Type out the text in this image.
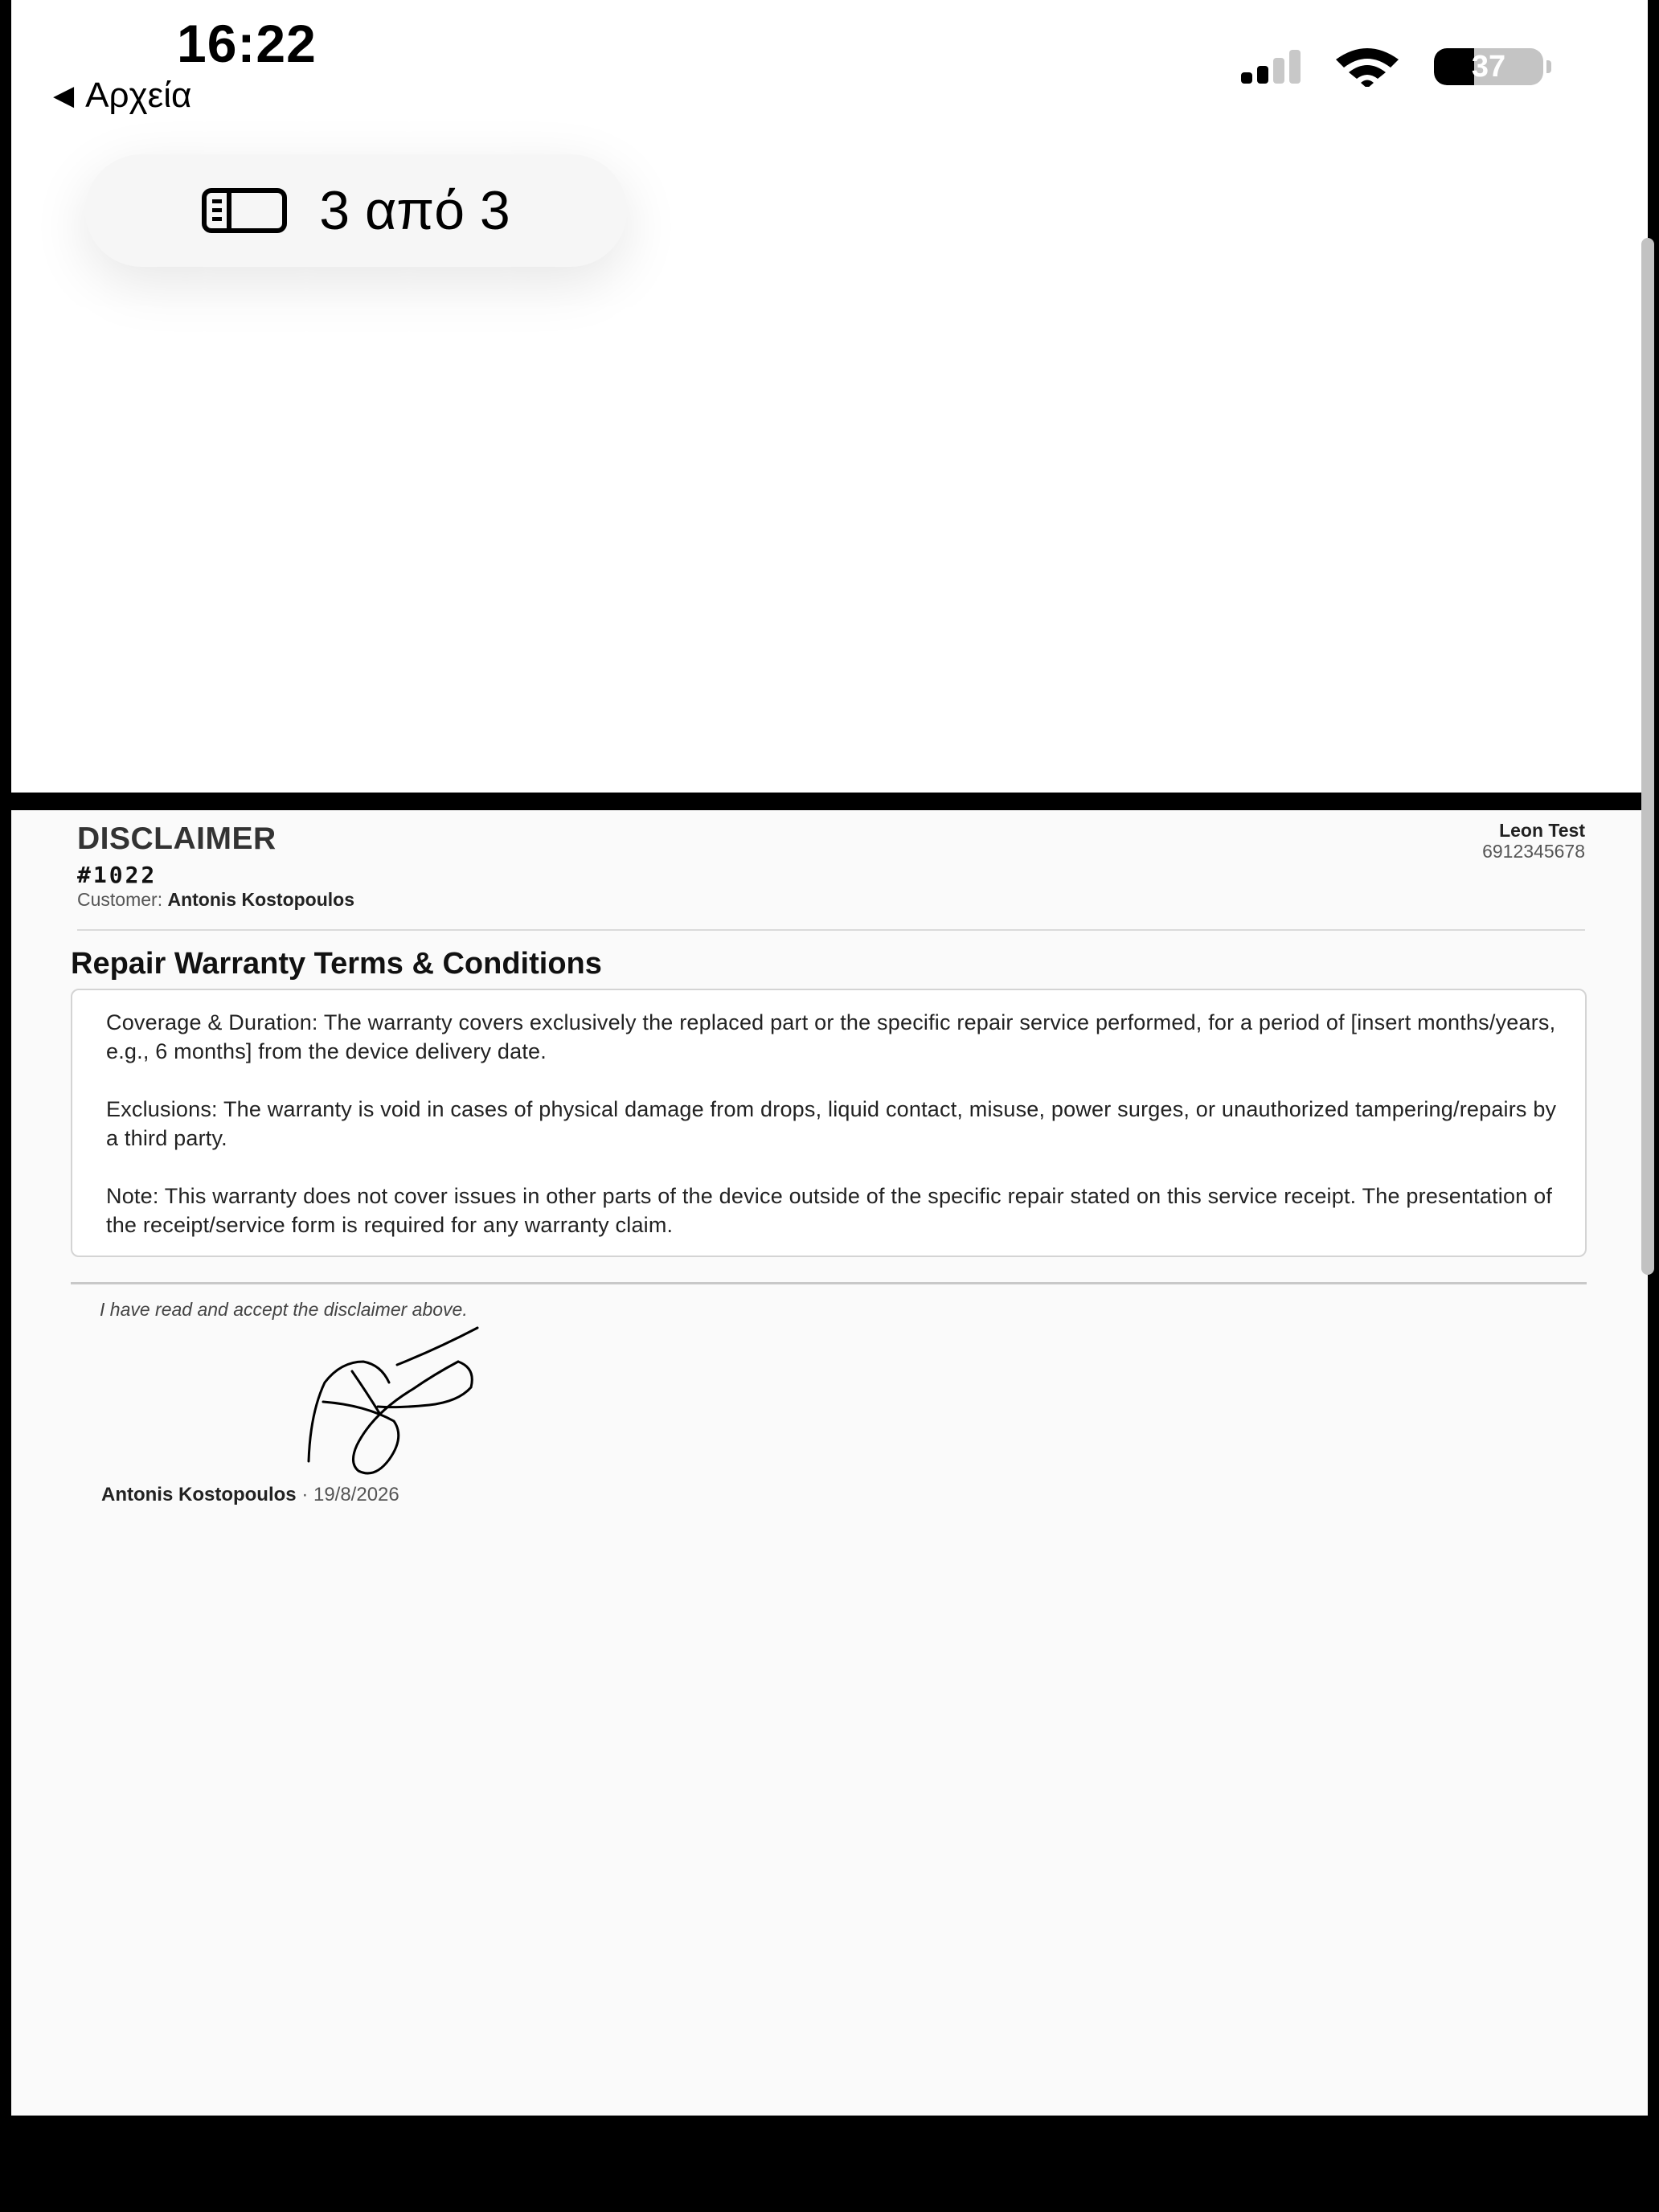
16:22
◀ Αρχεία
37
3 από 3
DISCLAIMER
#1022
Customer: Antonis Kostopoulos
Leon Test
6912345678
Repair Warranty Terms & Conditions

Coverage & Duration: The warranty covers exclusively the replaced part or the specific repair service performed, for a period of [insert months/years, e.g., 6 months] from the device delivery date.

Exclusions: The warranty is void in cases of physical damage from drops, liquid contact, misuse, power surges, or unauthorized tampering/repairs by a third party.

Note: This warranty does not cover issues in other parts of the device outside of the specific repair stated on this service receipt. The presentation of the receipt/service form is required for any warranty claim.

I have read and accept the disclaimer above.
Antonis Kostopoulos · 19/8/2026
